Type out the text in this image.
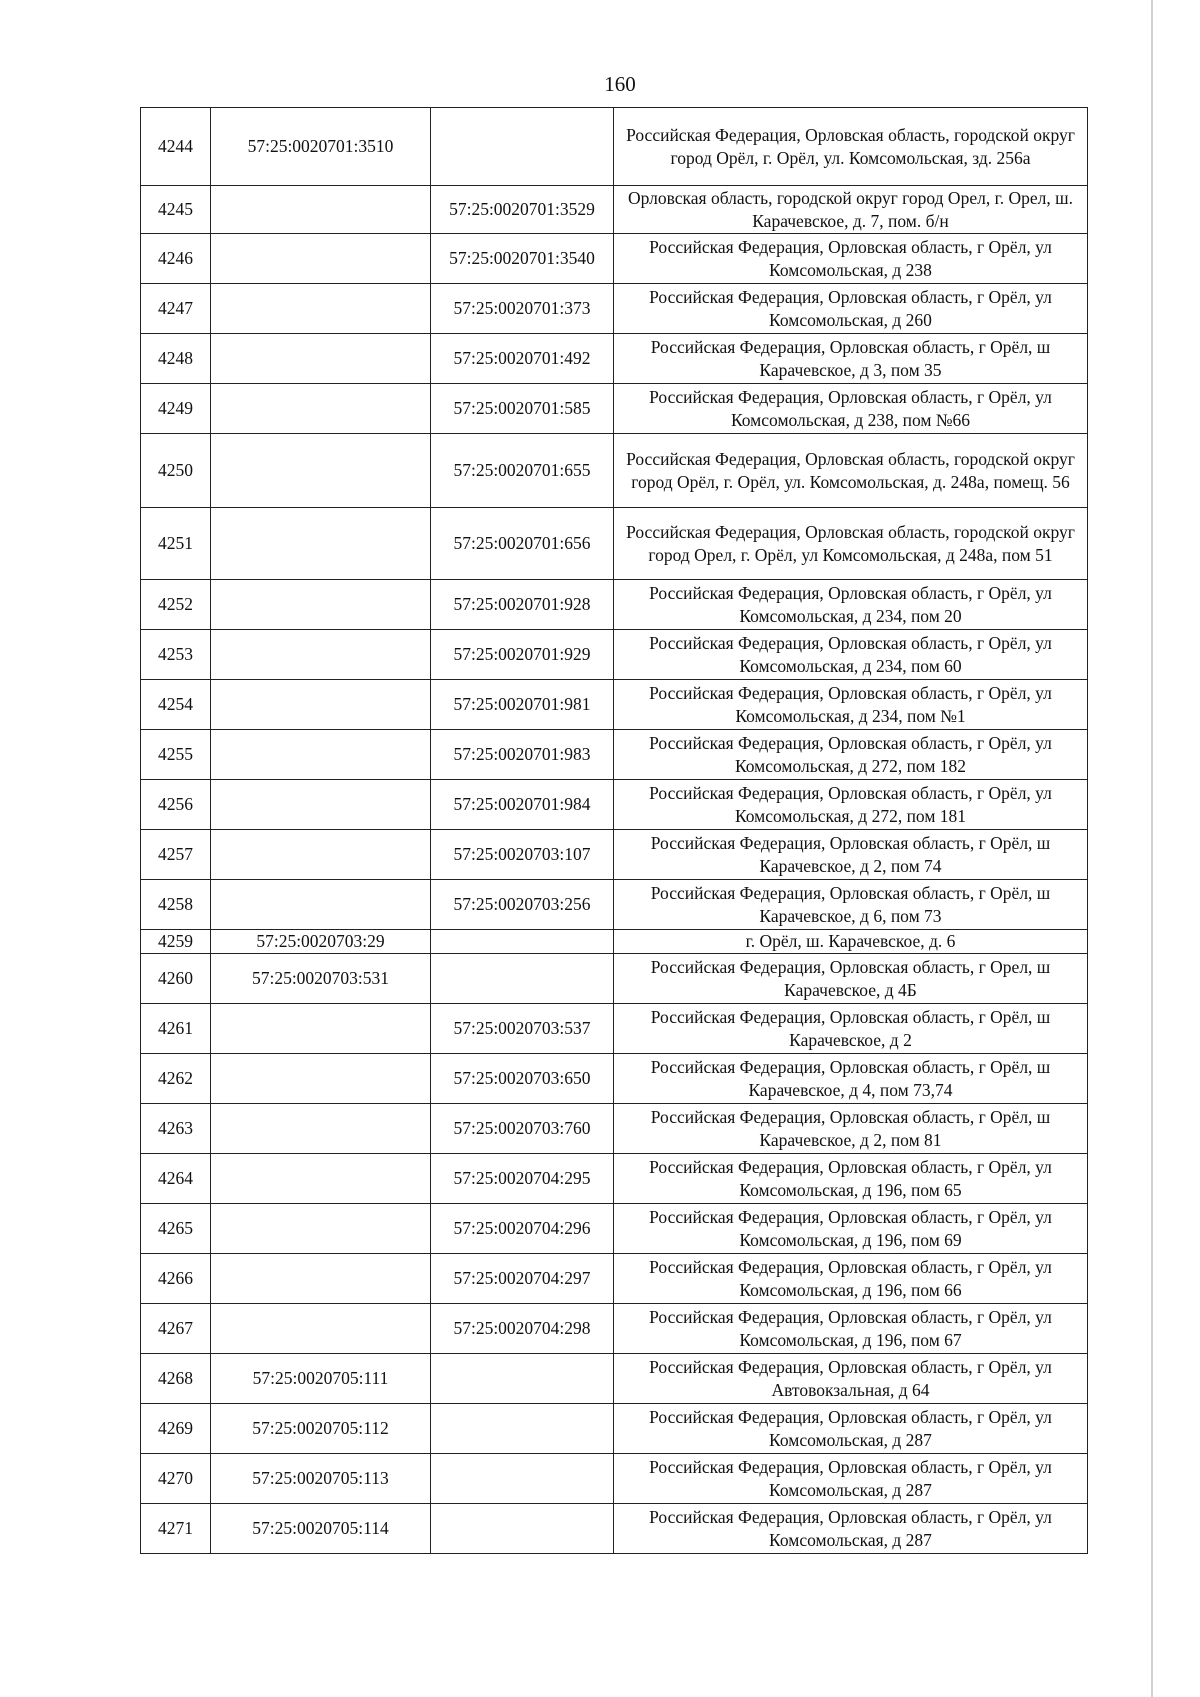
160
4244	57:25:0020701:3510		Российская Федерация, Орловская область, городской округ город Орёл, г. Орёл, ул. Комсомольская, зд. 256а
4245		57:25:0020701:3529	Орловская область, городской округ город Орел, г. Орел, ш. Карачевское, д. 7, пом. б/н
4246		57:25:0020701:3540	Российская Федерация, Орловская область, г Орёл, ул Комсомольская, д 238
4247		57:25:0020701:373	Российская Федерация, Орловская область, г Орёл, ул Комсомольская, д 260
4248		57:25:0020701:492	Российская Федерация, Орловская область, г Орёл, ш Карачевское, д 3, пом 35
4249		57:25:0020701:585	Российская Федерация, Орловская область, г Орёл, ул Комсомольская, д 238, пом №66
4250		57:25:0020701:655	Российская Федерация, Орловская область, городской округ город Орёл, г. Орёл, ул. Комсомольская, д. 248а, помещ. 56
4251		57:25:0020701:656	Российская Федерация, Орловская область, городской округ город Орел, г. Орёл, ул Комсомольская, д 248а, пом 51
4252		57:25:0020701:928	Российская Федерация, Орловская область, г Орёл, ул Комсомольская, д 234, пом 20
4253		57:25:0020701:929	Российская Федерация, Орловская область, г Орёл, ул Комсомольская, д 234, пом 60
4254		57:25:0020701:981	Российская Федерация, Орловская область, г Орёл, ул Комсомольская, д 234, пом №1
4255		57:25:0020701:983	Российская Федерация, Орловская область, г Орёл, ул Комсомольская, д 272, пом 182
4256		57:25:0020701:984	Российская Федерация, Орловская область, г Орёл, ул Комсомольская, д 272, пом 181
4257		57:25:0020703:107	Российская Федерация, Орловская область, г Орёл, ш Карачевское, д 2, пом 74
4258		57:25:0020703:256	Российская Федерация, Орловская область, г Орёл, ш Карачевское, д 6, пом 73
4259	57:25:0020703:29		г. Орёл, ш. Карачевское, д. 6
4260	57:25:0020703:531		Российская Федерация, Орловская область, г Орел, ш Карачевское, д 4Б
4261		57:25:0020703:537	Российская Федерация, Орловская область, г Орёл, ш Карачевское, д 2
4262		57:25:0020703:650	Российская Федерация, Орловская область, г Орёл, ш Карачевское, д 4, пом 73,74
4263		57:25:0020703:760	Российская Федерация, Орловская область, г Орёл, ш Карачевское, д 2, пом 81
4264		57:25:0020704:295	Российская Федерация, Орловская область, г Орёл, ул Комсомольская, д 196, пом 65
4265		57:25:0020704:296	Российская Федерация, Орловская область, г Орёл, ул Комсомольская, д 196, пом 69
4266		57:25:0020704:297	Российская Федерация, Орловская область, г Орёл, ул Комсомольская, д 196, пом 66
4267		57:25:0020704:298	Российская Федерация, Орловская область, г Орёл, ул Комсомольская, д 196, пом 67
4268	57:25:0020705:111		Российская Федерация, Орловская область, г Орёл, ул Автовокзальная, д 64
4269	57:25:0020705:112		Российская Федерация, Орловская область, г Орёл, ул Комсомольская, д 287
4270	57:25:0020705:113		Российская Федерация, Орловская область, г Орёл, ул Комсомольская, д 287
4271	57:25:0020705:114		Российская Федерация, Орловская область, г Орёл, ул Комсомольская, д 287
